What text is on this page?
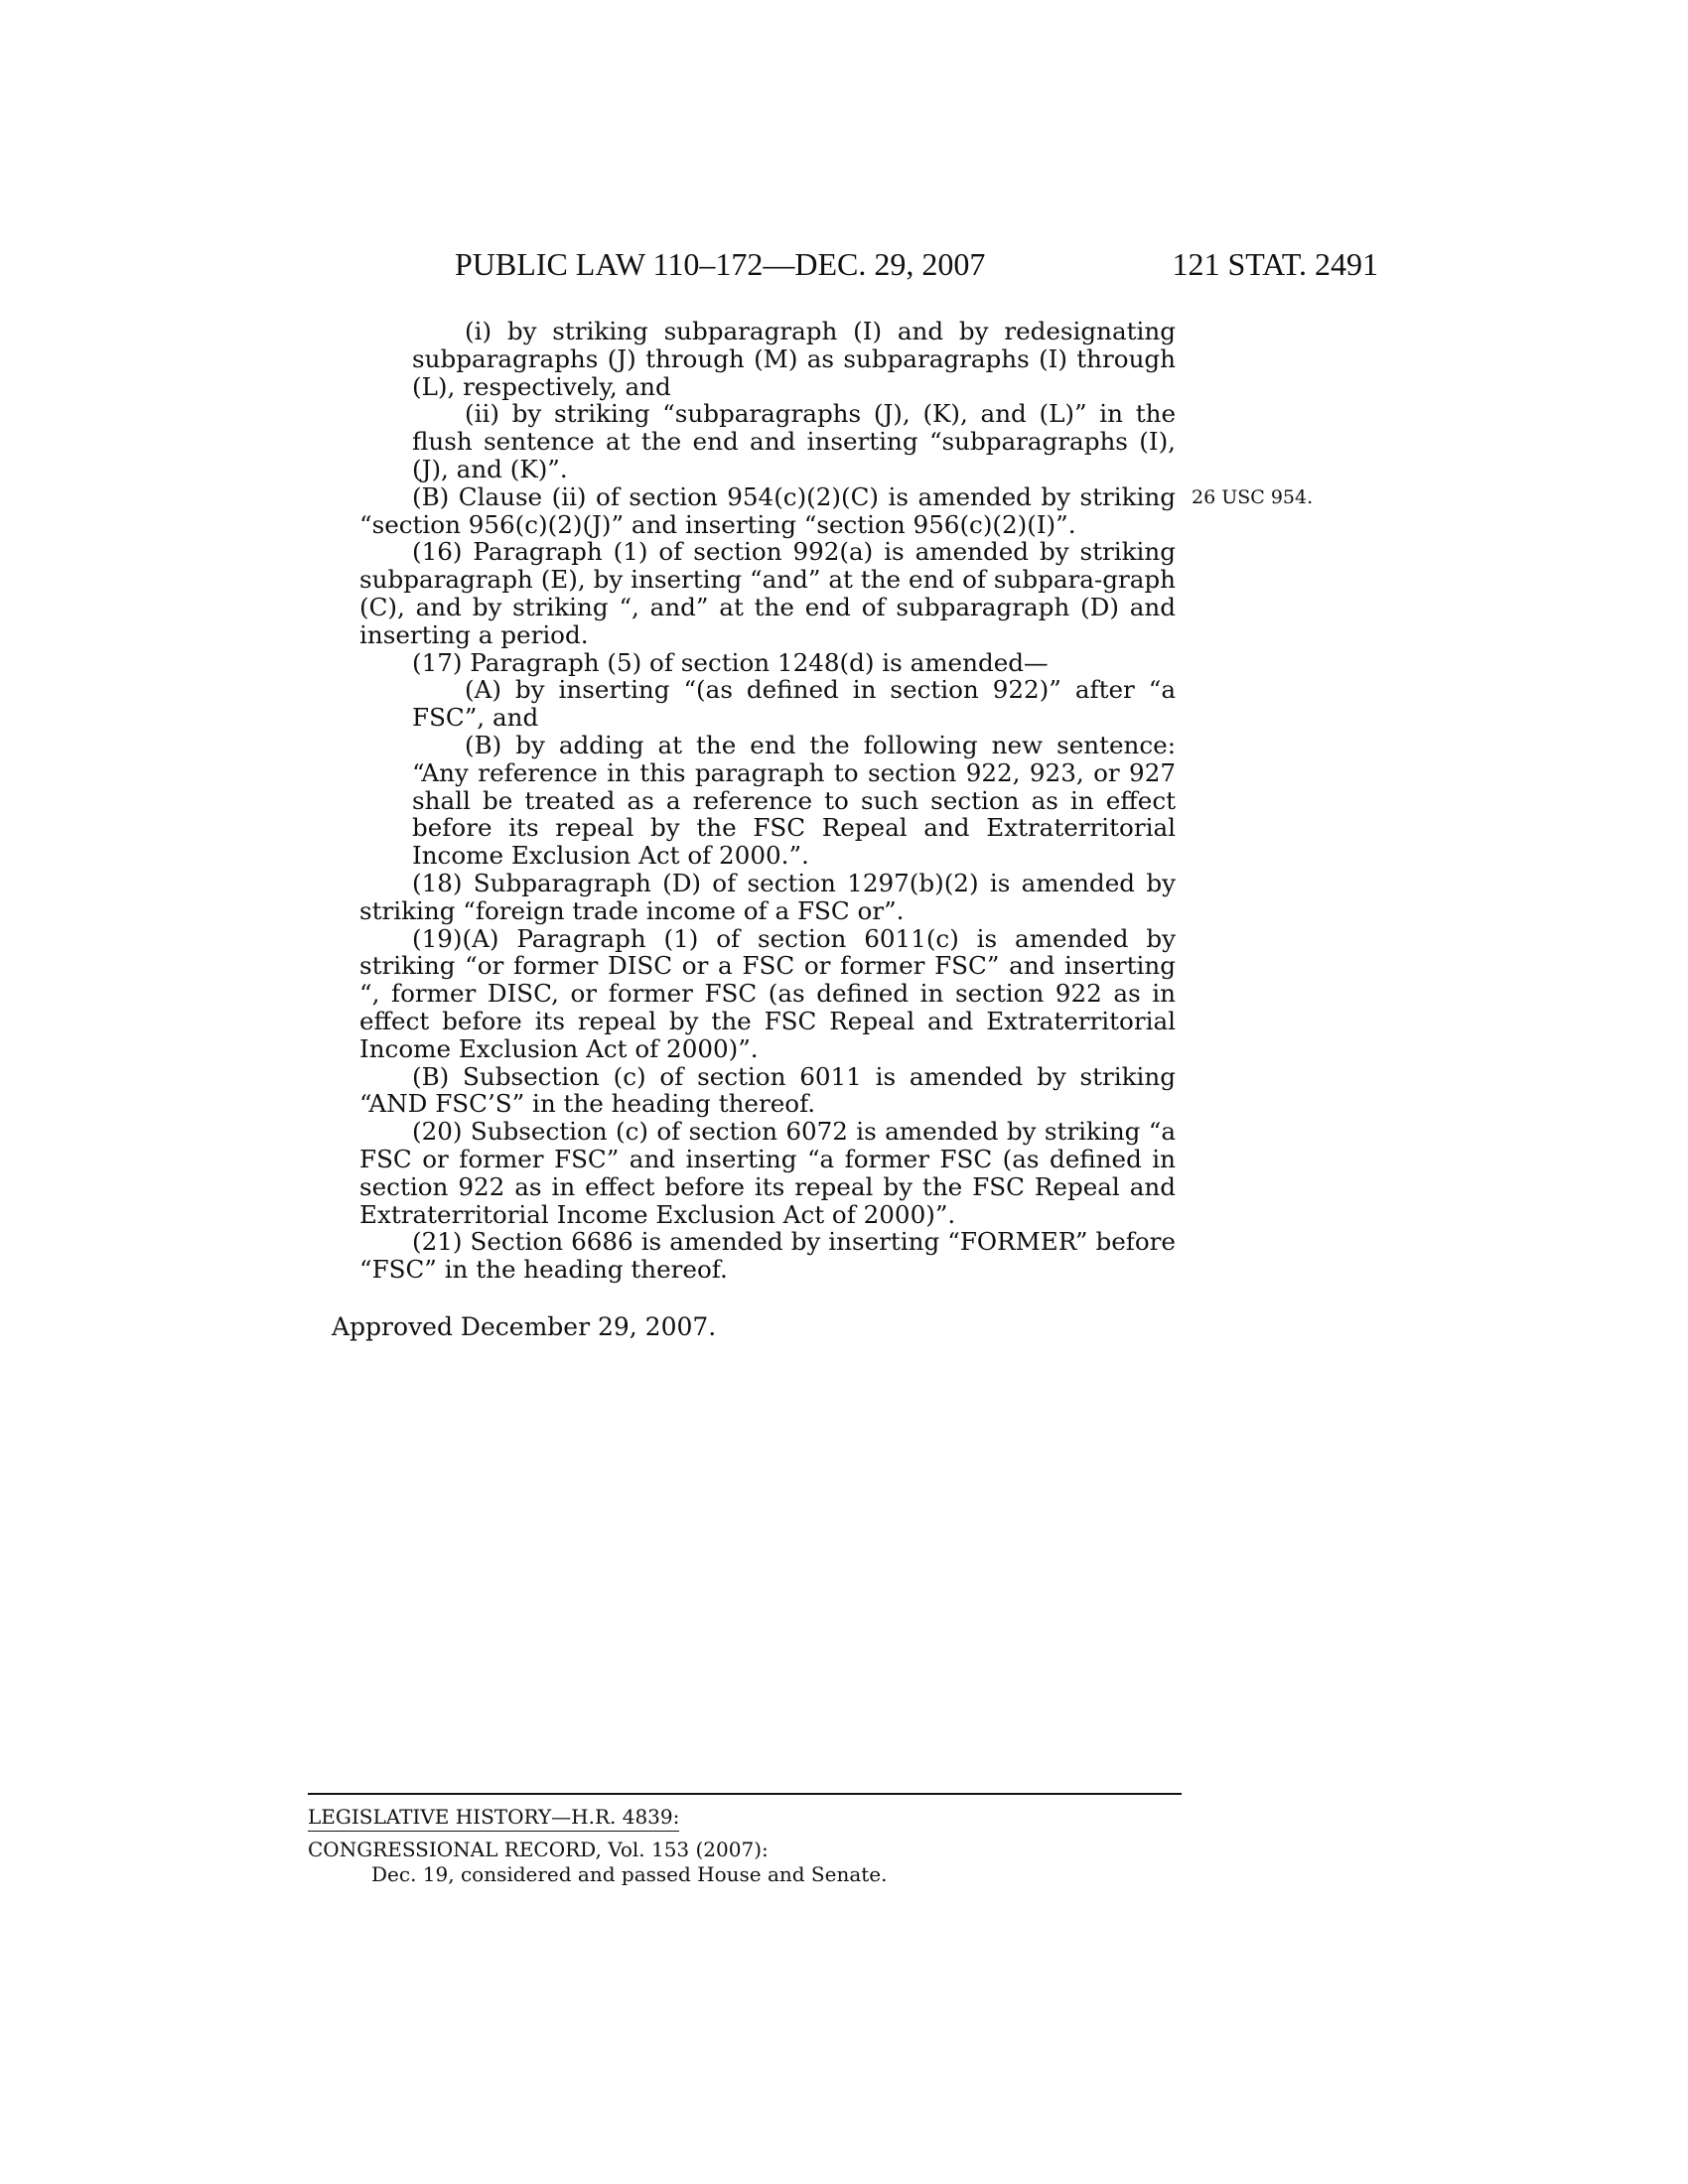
PUBLIC LAW 110–172—DEC. 29, 2007	121 STAT. 2491
26 USC 954.

(i) by striking subparagraph (I) and by redesignating subparagraphs (J) through (M) as subparagraphs (I) through (L), respectively, and

(ii) by striking “subparagraphs (J), (K), and (L)” in the flush sentence at the end and inserting “subparagraphs (I), (J), and (K)”.

(B) Clause (ii) of section 954(c)(2)(C) is amended by striking “section 956(c)(2)(J)” and inserting “section 956(c)(2)(I)”.

(16) Paragraph (1) of section 992(a) is amended by striking subparagraph (E), by inserting “and” at the end of subpara-graph (C), and by striking “, and” at the end of subparagraph (D) and inserting a period.

(17) Paragraph (5) of section 1248(d) is amended—

(A) by inserting “(as defined in section 922)” after “a FSC”, and

(B) by adding at the end the following new sentence: “Any reference in this paragraph to section 922, 923, or 927 shall be treated as a reference to such section as in effect before its repeal by the FSC Repeal and Extraterritorial Income Exclusion Act of 2000.”.

(18) Subparagraph (D) of section 1297(b)(2) is amended by striking “foreign trade income of a FSC or”.

(19)(A) Paragraph (1) of section 6011(c) is amended by striking “or former DISC or a FSC or former FSC” and inserting “, former DISC, or former FSC (as defined in section 922 as in effect before its repeal by the FSC Repeal and Extraterritorial Income Exclusion Act of 2000)”.

(B) Subsection (c) of section 6011 is amended by striking “AND FSC’S” in the heading thereof.

(20) Subsection (c) of section 6072 is amended by striking “a FSC or former FSC” and inserting “a former FSC (as defined in section 922 as in effect before its repeal by the FSC Repeal and Extraterritorial Income Exclusion Act of 2000)”.

(21) Section 6686 is amended by inserting “FORMER” before “FSC” in the heading thereof.

Approved December 29, 2007.
LEGISLATIVE HISTORY—H.R. 4839:
CONGRESSIONAL RECORD, Vol. 153 (2007):
Dec. 19, considered and passed House and Senate.
